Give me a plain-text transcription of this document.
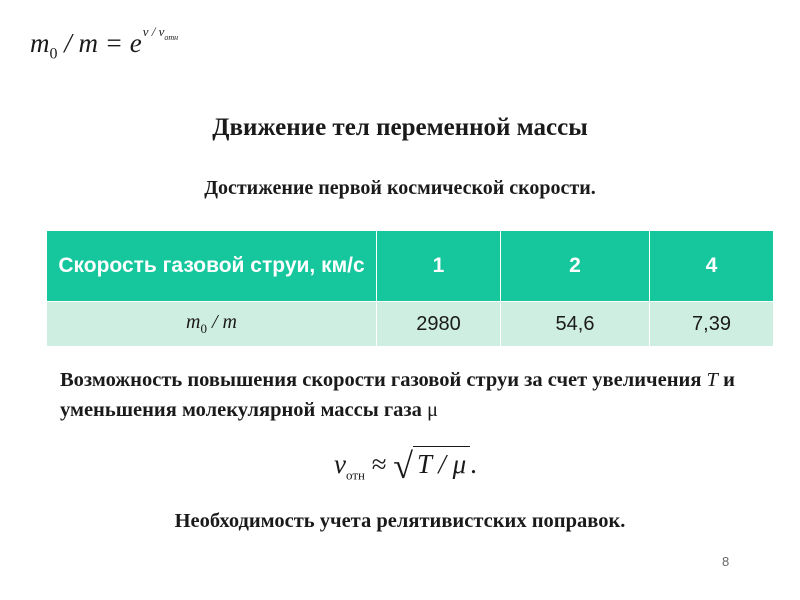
$m_0 / m = e^{v / vотн}$
Движение тел переменной массы
Достижение первой космической скорости.
Скорость газовой струи, км/с	1	2	4
$m_0$ / m	2980	54,6	7,39
Возможность повышения скорости газовой струи за счет увеличения T и уменьшения молекулярной массы газа μ
$v_{отн}$ ≈ √ T / μ .
Необходимость учета релятивистских поправок.
8
